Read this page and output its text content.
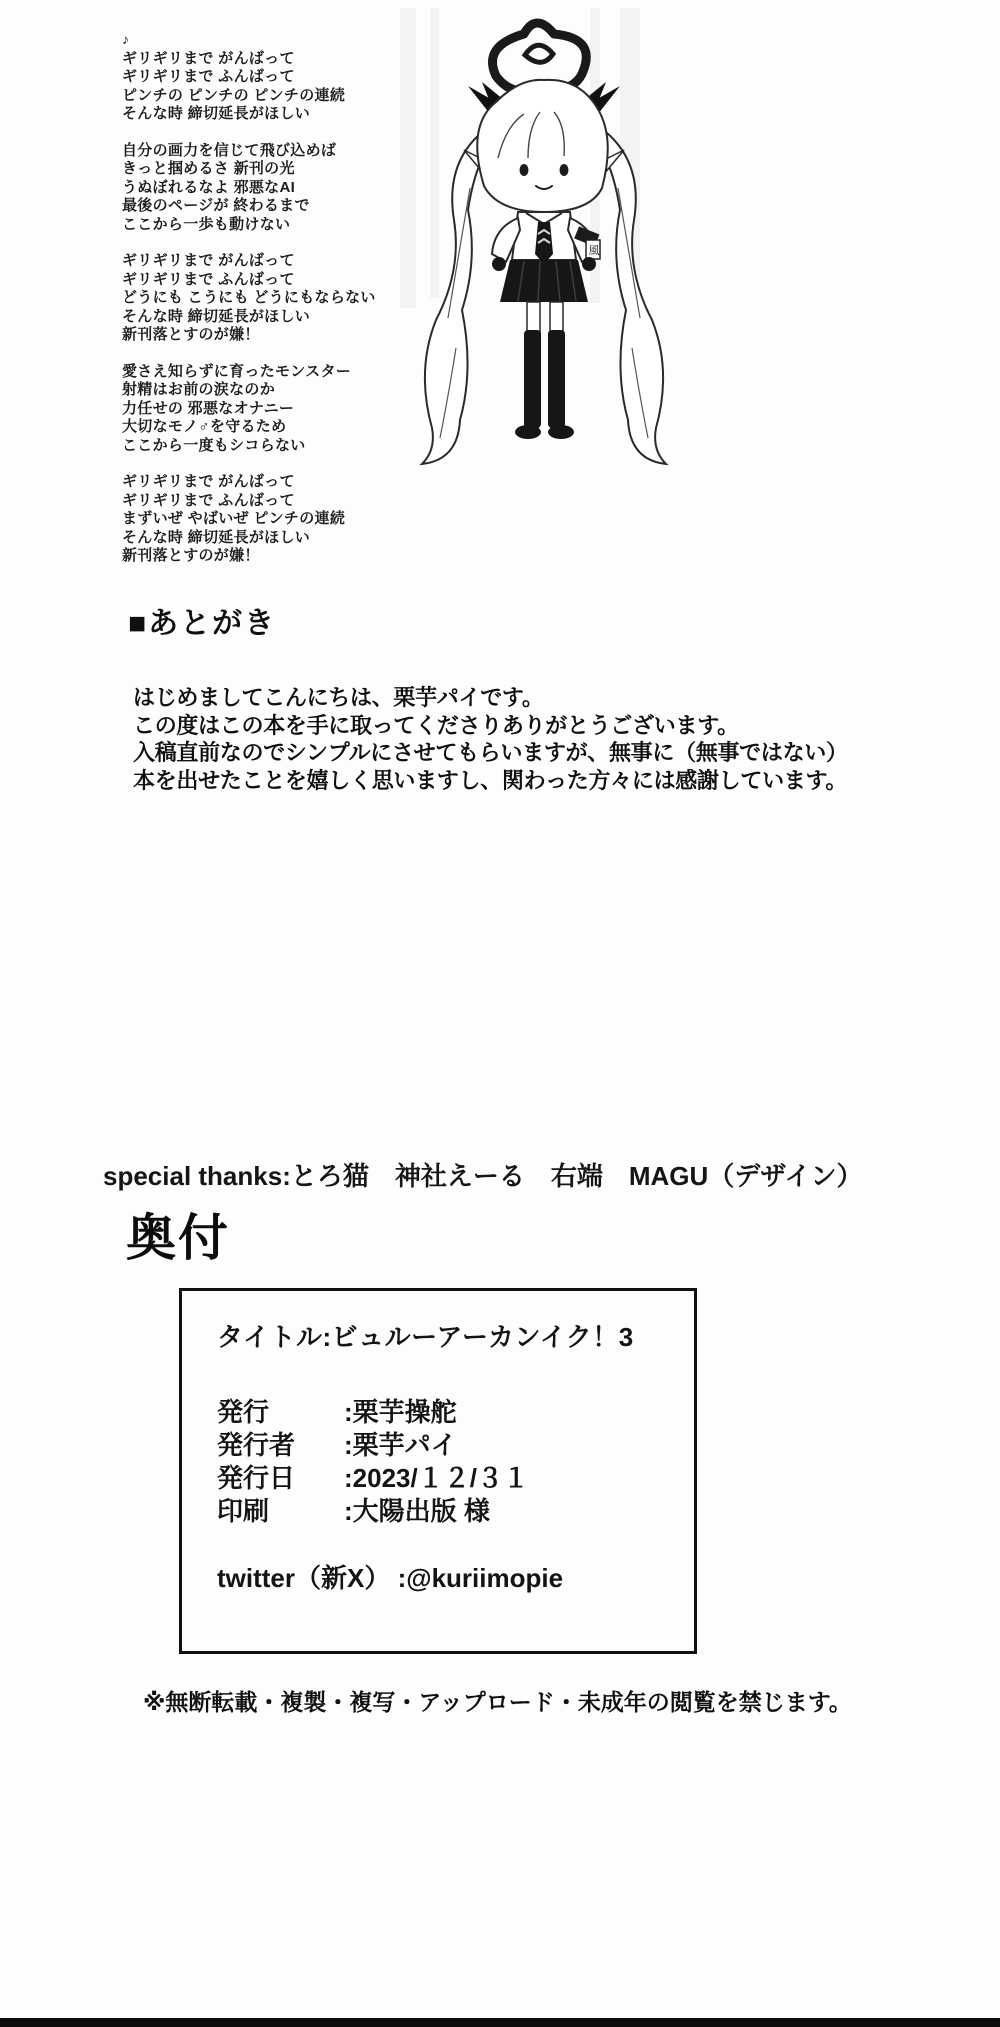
♪
ギリギリまで がんばって
ギリギリまで ふんばって
ピンチの ピンチの ピンチの連続
そんな時 締切延長がほしい
自分の画力を信じて飛び込めば
きっと掴めるさ 新刊の光
うぬぼれるなよ 邪悪なAI
最後のページが 終わるまで
ここから一歩も動けない
ギリギリまで がんばって
ギリギリまで ふんばって
どうにも こうにも どうにもならない
そんな時 締切延長がほしい
新刊落とすのが嫌！
愛さえ知らずに育ったモンスター
射精はお前の涙なのか
力任せの 邪悪なオナニー
大切なモノ♂を守るため
ここから一度もシコらない
ギリギリまで がんばって
ギリギリまで ふんばって
まずいぜ やばいぜ ピンチの連続
そんな時 締切延長がほしい
新刊落とすのが嫌！
風
■あとがき
はじめましてこんにちは、栗芋パイです。
この度はこの本を手に取ってくださりありがとうございます。
入稿直前なのでシンプルにさせてもらいますが、無事に（無事ではない）
本を出せたことを嬉しく思いますし、関わった方々には感謝しています。
special thanks:とろ猫　神社えーる　右端　MAGU（デザイン）
奥付
タイトル:ビュルーアーカンイク！3
発行	:栗芋操舵
発行者	:栗芋パイ
発行日	:2023/１２/３１
印刷	:大陽出版 様
twitter（新X） :@kuriimopie
※無断転載・複製・複写・アップロード・未成年の閲覧を禁じます。
